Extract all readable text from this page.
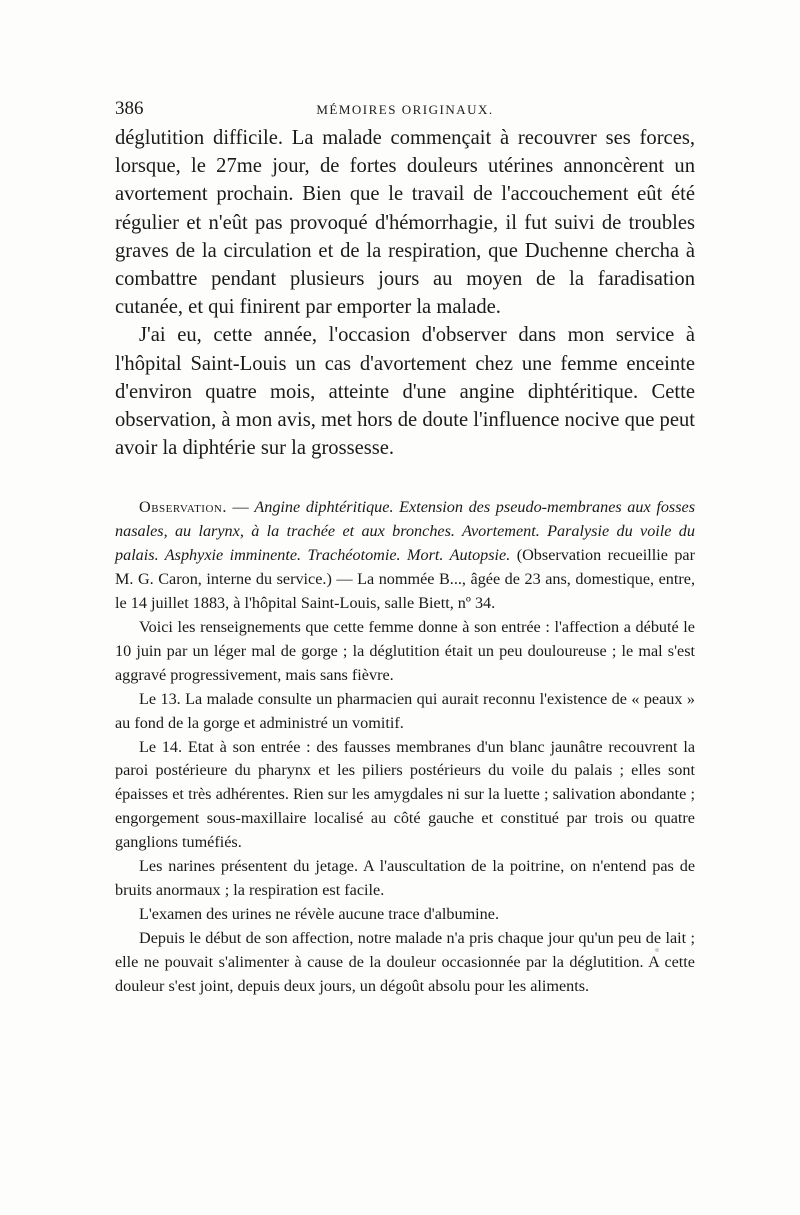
386	MÉMOIRES ORIGINAUX.

déglutition difficile. La malade commençait à recouvrer ses forces, lorsque, le 27me jour, de fortes douleurs utérines annoncèrent un avortement prochain. Bien que le travail de l'accouchement eût été régulier et n'eût pas provoqué d'hémorrhagie, il fut suivi de troubles graves de la circulation et de la respiration, que Duchenne chercha à combattre pendant plusieurs jours au moyen de la faradisation cutanée, et qui finirent par emporter la malade.

J'ai eu, cette année, l'occasion d'observer dans mon service à l'hôpital Saint-Louis un cas d'avortement chez une femme enceinte d'environ quatre mois, atteinte d'une angine diphtéritique. Cette observation, à mon avis, met hors de doute l'influence nocive que peut avoir la diphtérie sur la grossesse.

Observation. — Angine diphtéritique. Extension des pseudo-membranes aux fosses nasales, au larynx, à la trachée et aux bronches. Avortement. Paralysie du voile du palais. Asphyxie imminente. Trachéotomie. Mort. Autopsie. (Observation recueillie par M. G. Caron, interne du service.) — La nommée B..., âgée de 23 ans, domestique, entre, le 14 juillet 1883, à l'hôpital Saint-Louis, salle Biett, nº 34.

Voici les renseignements que cette femme donne à son entrée : l'affection a débuté le 10 juin par un léger mal de gorge ; la déglutition était un peu douloureuse ; le mal s'est aggravé progressivement, mais sans fièvre.

Le 13. La malade consulte un pharmacien qui aurait reconnu l'existence de « peaux » au fond de la gorge et administré un vomitif.

Le 14. Etat à son entrée : des fausses membranes d'un blanc jaunâtre recouvrent la paroi postérieure du pharynx et les piliers postérieurs du voile du palais ; elles sont épaisses et très adhérentes. Rien sur les amygdales ni sur la luette ; salivation abondante ; engorgement sous-maxillaire localisé au côté gauche et constitué par trois ou quatre ganglions tuméfiés.

Les narines présentent du jetage. A l'auscultation de la poitrine, on n'entend pas de bruits anormaux ; la respiration est facile.

L'examen des urines ne révèle aucune trace d'albumine.

Depuis le début de son affection, notre malade n'a pris chaque jour qu'un peu de lait ; elle ne pouvait s'alimenter à cause de la douleur occasionnée par la déglutition. A cette douleur s'est joint, depuis deux jours, un dégoût absolu pour les aliments.
